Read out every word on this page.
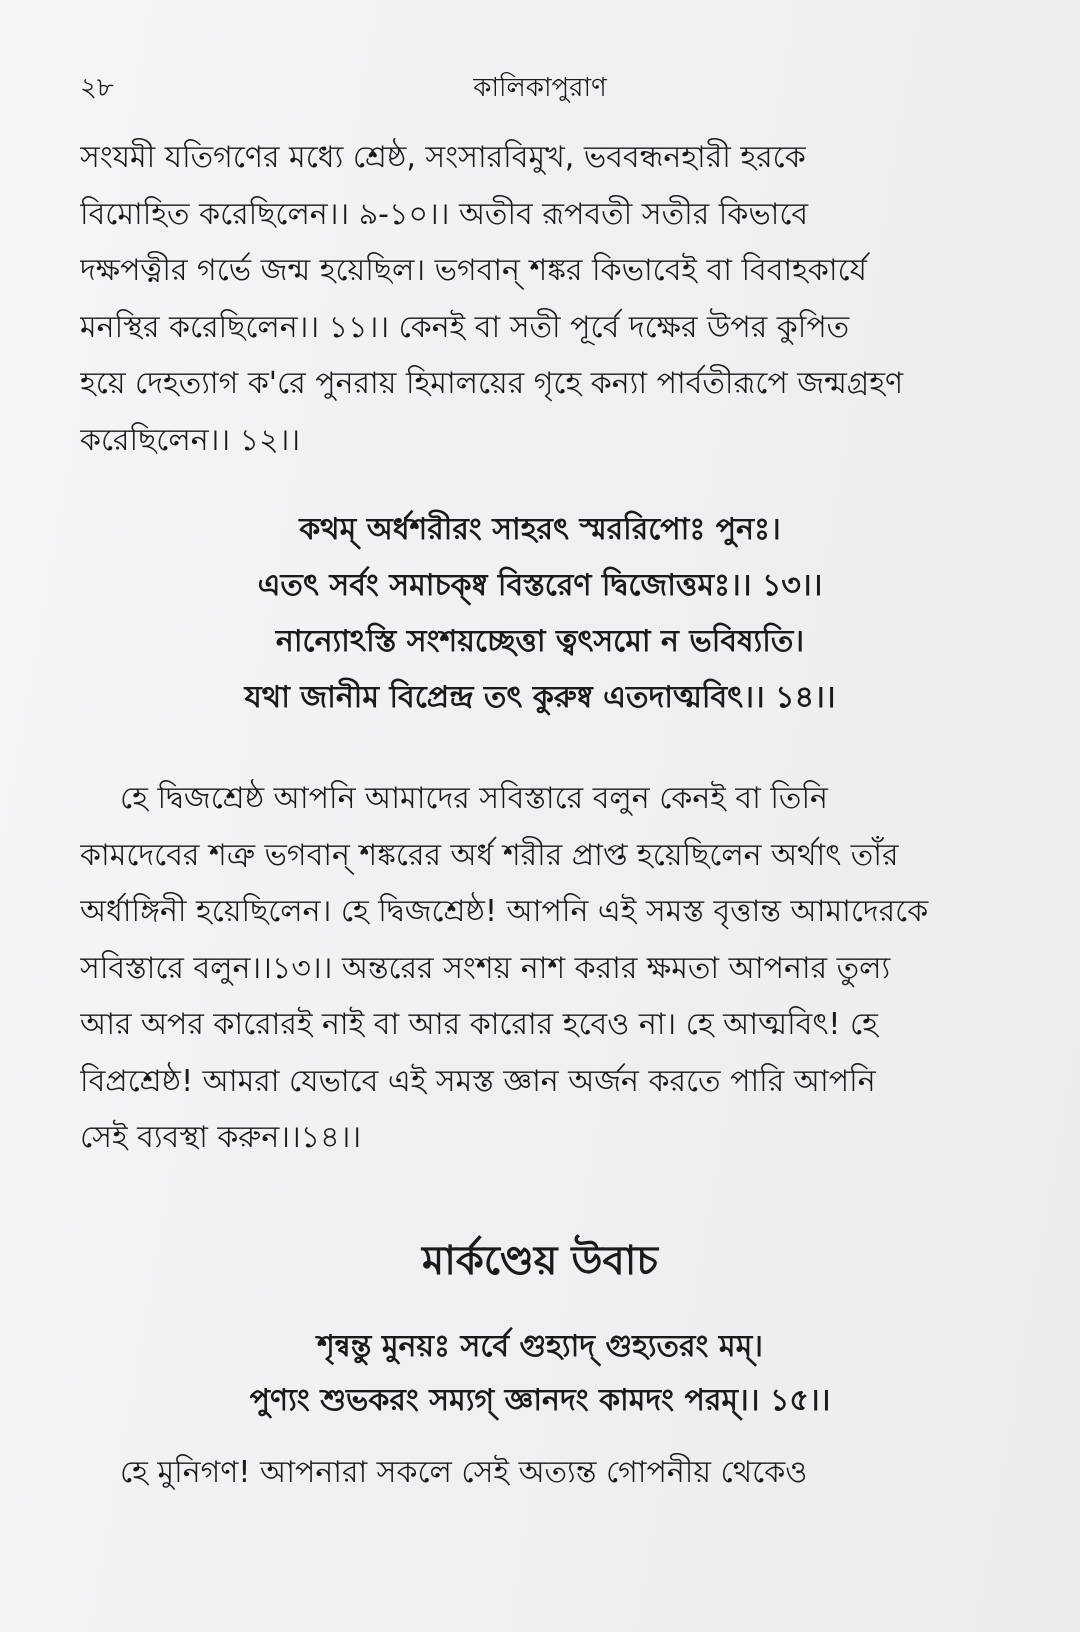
২৮	কালিকাপুরাণ
সংযমী যতিগণের মধ্যে শ্রেষ্ঠ, সংসারবিমুখ, ভববন্ধনহারী হরকে
বিমোহিত করেছিলেন।। ৯-১০।। অতীব রূপবতী সতীর কিভাবে
দক্ষপত্নীর গর্ভে জন্ম হয়েছিল। ভগবান্ শঙ্কর কিভাবেই বা বিবাহকার্যে
মনস্থির করেছিলেন।। ১১।। কেনই বা সতী পূর্বে দক্ষের উপর কুপিত
হয়ে দেহত্যাগ ক'রে পুনরায় হিমালয়ের গৃহে কন্যা পার্বতীরূপে জন্মগ্রহণ
করেছিলেন।। ১২।।
কথম্ অর্ধশরীরং সাহরৎ স্মররিপোঃ পুনঃ।
এতৎ সর্বং সমাচক্ষ্ব বিস্তরেণ দ্বিজোত্তমঃ।। ১৩।।
নান্যোঽস্তি সংশয়চ্ছেত্তা ত্বৎসমো ন ভবিষ্যতি।
যথা জানীম বিপ্রেন্দ্র তৎ কুরুষ্ব এতদাত্মবিৎ।। ১৪।।
হে দ্বিজশ্রেষ্ঠ আপনি আমাদের সবিস্তারে বলুন কেনই বা তিনি
কামদেবের শত্রু ভগবান্ শঙ্করের অর্ধ শরীর প্রাপ্ত হয়েছিলেন অর্থাৎ তাঁর
অর্ধাঙ্গিনী হয়েছিলেন। হে দ্বিজশ্রেষ্ঠ! আপনি এই সমস্ত বৃত্তান্ত আমাদেরকে
সবিস্তারে বলুন।।১৩।। অন্তরের সংশয় নাশ করার ক্ষমতা আপনার তুল্য
আর অপর কারোরই নাই বা আর কারোর হবেও না। হে আত্মবিৎ! হে
বিপ্রশ্রেষ্ঠ! আমরা যেভাবে এই সমস্ত জ্ঞান অর্জন করতে পারি আপনি
সেই ব্যবস্থা করুন।।১৪।।
মার্কণ্ডেয় উবাচ
শৃন্বন্তু মুনয়ঃ সর্বে গুহ্যাদ্ গুহ্যতরং মম্।
পুণ্যং শুভকরং সম্যগ্ জ্ঞানদং কামদং পরম্।। ১৫।।
হে মুনিগণ! আপনারা সকলে সেই অত্যন্ত গোপনীয় থেকেও
